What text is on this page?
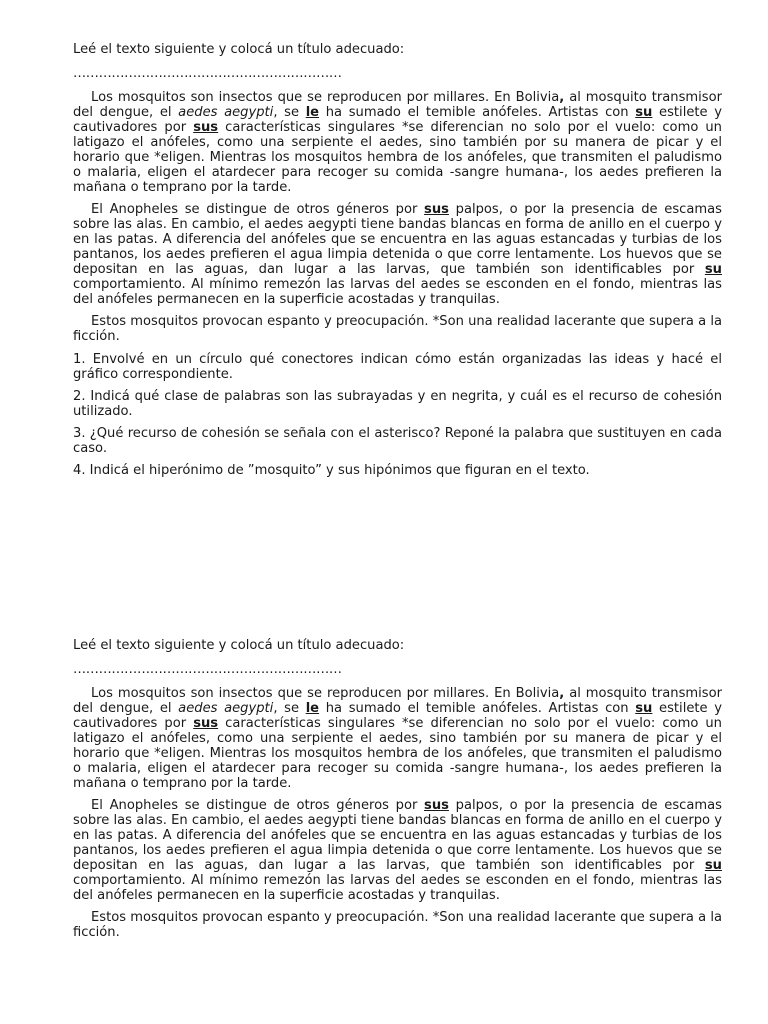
Leé el texto siguiente y colocá un título adecuado:
………………………………………………………

Los mosquitos son insectos que se reproducen por millares. En Bolivia, al mosquito transmisor del dengue, el aedes aegypti, se le ha sumado el temible anófeles. Artistas con su estilete y cautivadores por sus características singulares *se diferencian no solo por el vuelo: como un latigazo el anófeles, como una serpiente el aedes, sino también por su manera de picar y el horario que *eligen. Mientras los mosquitos hembra de los anófeles, que transmiten el paludismo o malaria, eligen el atardecer para recoger su comida -sangre humana-, los aedes prefieren la mañana o temprano por la tarde.

El Anopheles se distingue de otros géneros por sus palpos, o por la presencia de escamas sobre las alas. En cambio, el aedes aegypti tiene bandas blancas en forma de anillo en el cuerpo y en las patas. A diferencia del anófeles que se encuentra en las aguas estancadas y turbias de los pantanos, los aedes prefieren el agua limpia detenida o que corre lentamente. Los huevos que se depositan en las aguas, dan lugar a las larvas, que también son identificables por su comportamiento. Al mínimo remezón las larvas del aedes se esconden en el fondo, mientras las del anófeles permanecen en la superficie acostadas y tranquilas.

Estos mosquitos provocan espanto y preocupación. *Son una realidad lacerante que supera a la ficción.

1. Envolvé en un círculo qué conectores indican cómo están organizadas las ideas y hacé el gráfico correspondiente.

2. Indicá qué clase de palabras son las subrayadas y en negrita, y cuál es el recurso de cohesión utilizado.

3. ¿Qué recurso de cohesión se señala con el asterisco? Reponé la palabra que sustituyen en cada caso.

4. Indicá el hiperónimo de ”mosquito” y sus hipónimos que figuran en el texto.

Leé el texto siguiente y colocá un título adecuado:
………………………………………………………

Los mosquitos son insectos que se reproducen por millares. En Bolivia, al mosquito transmisor del dengue, el aedes aegypti, se le ha sumado el temible anófeles. Artistas con su estilete y cautivadores por sus características singulares *se diferencian no solo por el vuelo: como un latigazo el anófeles, como una serpiente el aedes, sino también por su manera de picar y el horario que *eligen. Mientras los mosquitos hembra de los anófeles, que transmiten el paludismo o malaria, eligen el atardecer para recoger su comida -sangre humana-, los aedes prefieren la mañana o temprano por la tarde.

El Anopheles se distingue de otros géneros por sus palpos, o por la presencia de escamas sobre las alas. En cambio, el aedes aegypti tiene bandas blancas en forma de anillo en el cuerpo y en las patas. A diferencia del anófeles que se encuentra en las aguas estancadas y turbias de los pantanos, los aedes prefieren el agua limpia detenida o que corre lentamente. Los huevos que se depositan en las aguas, dan lugar a las larvas, que también son identificables por su comportamiento. Al mínimo remezón las larvas del aedes se esconden en el fondo, mientras las del anófeles permanecen en la superficie acostadas y tranquilas.

Estos mosquitos provocan espanto y preocupación. *Son una realidad lacerante que supera a la ficción.
